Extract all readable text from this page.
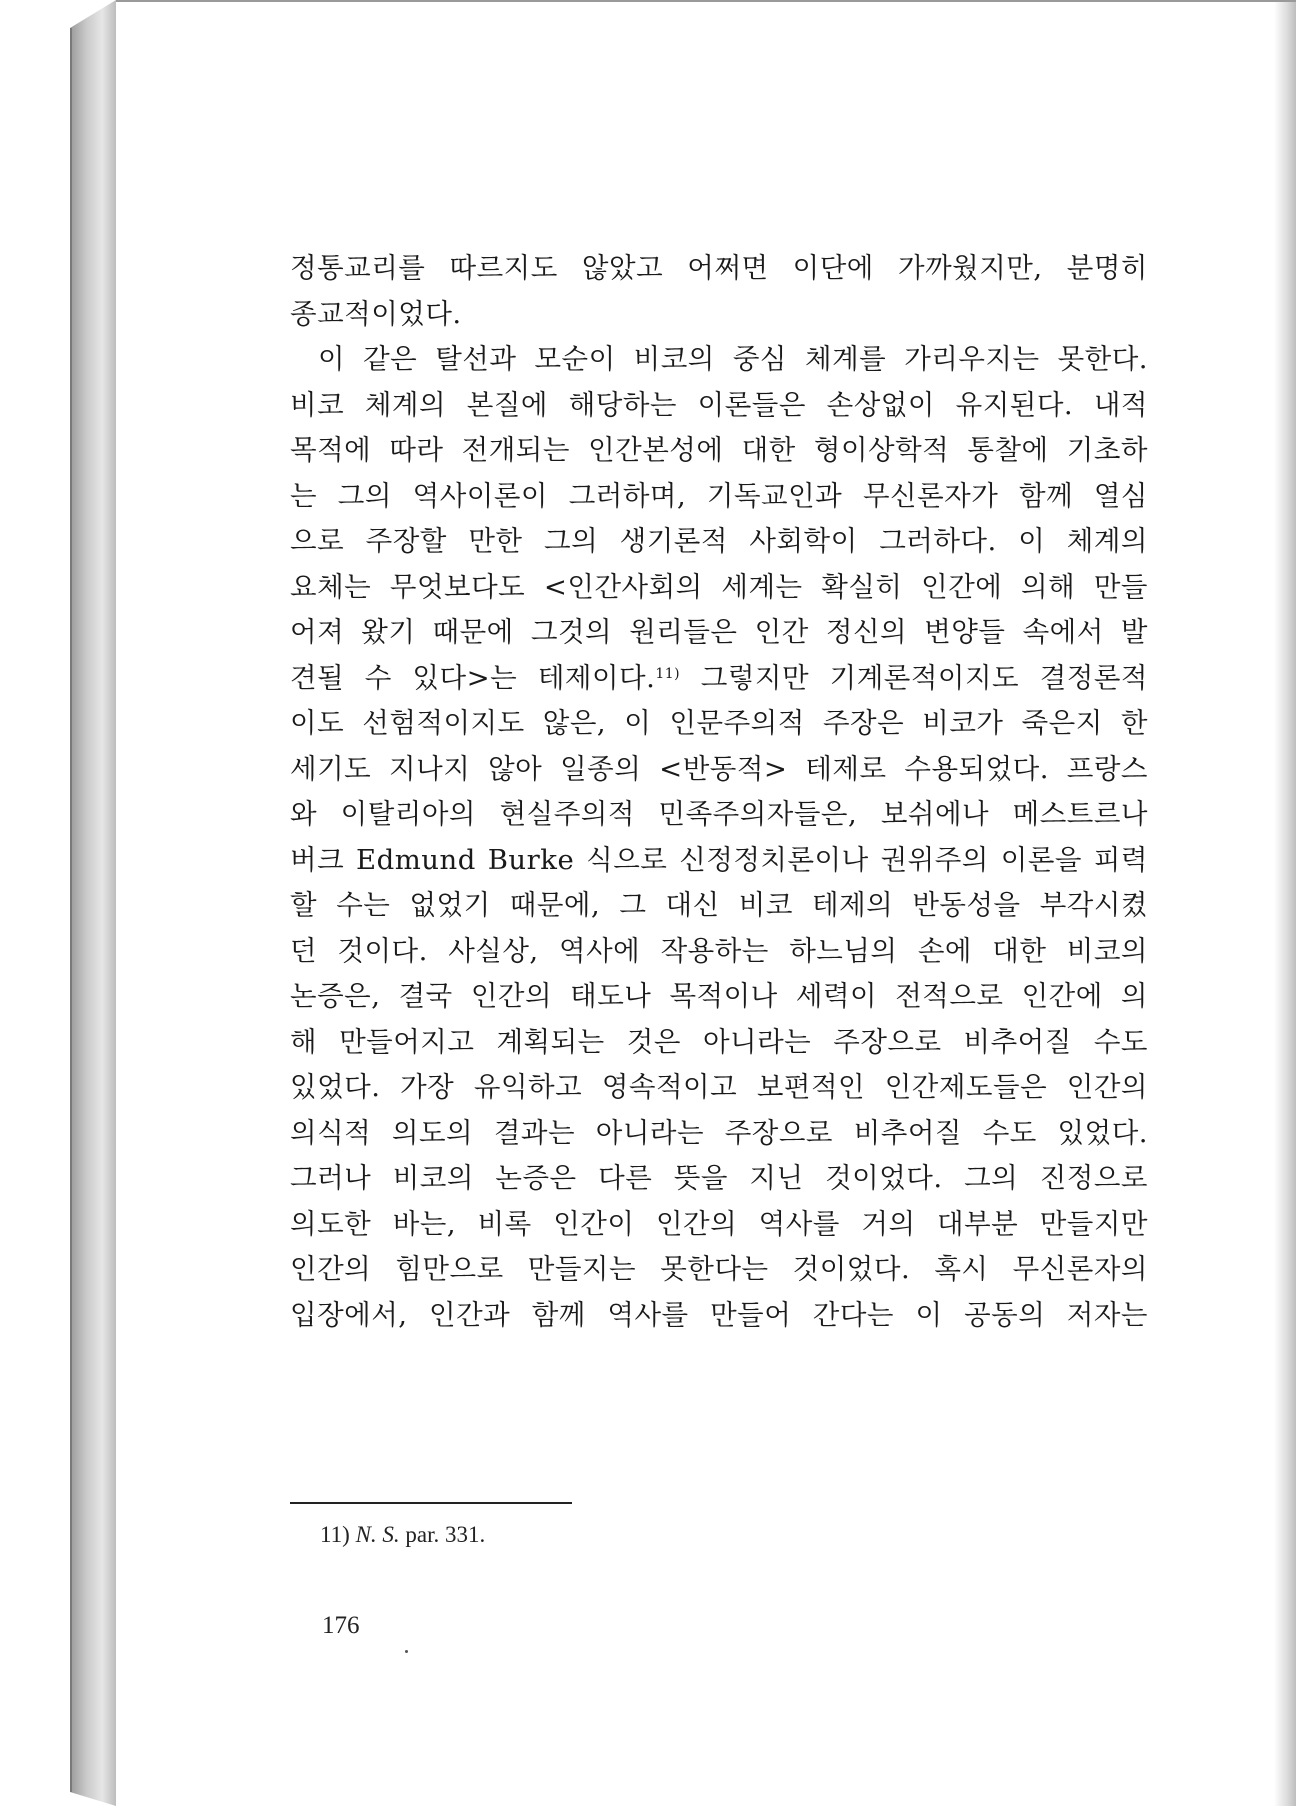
정통교리를 따르지도 않았고 어쩌면 이단에 가까웠지만, 분명히
종교적이었다.
이 같은 탈선과 모순이 비코의 중심 체계를 가리우지는 못한다.
비코 체계의 본질에 해당하는 이론들은 손상없이 유지된다. 내적
목적에 따라 전개되는 인간본성에 대한 형이상학적 통찰에 기초하
는 그의 역사이론이 그러하며, 기독교인과 무신론자가 함께 열심
으로 주장할 만한 그의 생기론적 사회학이 그러하다. 이 체계의
요체는 무엇보다도 <인간사회의 세계는 확실히 인간에 의해 만들
어져 왔기 때문에 그것의 원리들은 인간 정신의 변양들 속에서 발
견될 수 있다>는 테제이다.$^{11)}$ 그렇지만 기계론적이지도 결정론적
이도 선험적이지도 않은, 이 인문주의적 주장은 비코가 죽은지 한
세기도 지나지 않아 일종의 <반동적> 테제로 수용되었다. 프랑스
와 이탈리아의 현실주의적 민족주의자들은, 보쉬에나 메스트르나
버크 Edmund Burke 식으로 신정정치론이나 권위주의 이론을 피력
할 수는 없었기 때문에, 그 대신 비코 테제의 반동성을 부각시켰
던 것이다. 사실상, 역사에 작용하는 하느님의 손에 대한 비코의
논증은, 결국 인간의 태도나 목적이나 세력이 전적으로 인간에 의
해 만들어지고 계획되는 것은 아니라는 주장으로 비추어질 수도
있었다. 가장 유익하고 영속적이고 보편적인 인간제도들은 인간의
의식적 의도의 결과는 아니라는 주장으로 비추어질 수도 있었다.
그러나 비코의 논증은 다른 뜻을 지닌 것이었다. 그의 진정으로
의도한 바는, 비록 인간이 인간의 역사를 거의 대부분 만들지만
인간의 힘만으로 만들지는 못한다는 것이었다. 혹시 무신론자의
입장에서, 인간과 함께 역사를 만들어 간다는 이 공동의 저자는
11) N. S. par. 331.
176
